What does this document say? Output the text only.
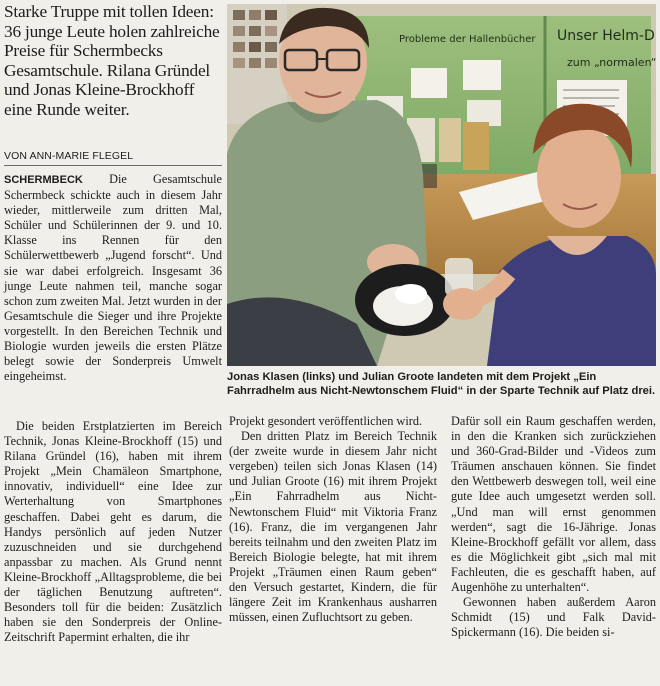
Starke Truppe mit tollen Ideen: 36 junge Leute holen zahlreiche Preise für Schermbecks Gesamtschule. Rilana Gründel und Jonas Kleine-Brockhoff eine Runde weiter.
VON ANN-MARIE FLEGEL

SCHERMBECK Die Gesamtschule Schermbeck schickte auch in diesem Jahr wieder, mittlerweile zum dritten Mal, Schüler und Schülerinnen der 9. und 10. Klasse ins Rennen für den Schülerwettbewerb „Jugend forscht“. Und sie war dabei erfolgreich. Insgesamt 36 junge Leute nahmen teil, manche sogar schon zum zweiten Mal. Jetzt wurden in der Gesamtschule die Sieger und ihre Projekte vorgestellt. In den Bereichen Technik und Biologie wurden jeweils die ersten Plätze belegt sowie der Sonderpreis Umwelt eingeheimst.

Die beiden Erstplatzierten im Bereich Technik, Jonas Kleine-Brockhoff (15) und Rilana Gründel (16), haben mit ihrem Projekt „Mein Chamäleon Smartphone, innovativ, individuell“ eine Idee zur Werterhaltung von Smartphones geschaffen. Dabei geht es darum, die Handys persönlich auf jeden Nutzer zuzuschneiden und sie durchgehend anpassbar zu machen. Als Grund nennt Kleine-Brockhoff „Alltagsprobleme, die bei der täglichen Benutzung auftreten“. Besonders toll für die beiden: Zusätzlich haben sie den Sonderpreis der Online-Zeitschrift Papermint erhalten, die ihr

Projekt gesondert veröffentlichen wird.

Den dritten Platz im Bereich Technik (der zweite wurde in diesem Jahr nicht vergeben) teilen sich Jonas Klasen (14) und Julian Groote (16) mit ihrem Projekt „Ein Fahrradhelm aus Nicht-Newtonschem Fluid“ mit Viktoria Franz (16). Franz, die im vergangenen Jahr bereits teilnahm und den zweiten Platz im Bereich Biologie belegte, hat mit ihrem Projekt „Träumen einen Raum geben“ den Versuch gestartet, Kindern, die für längere Zeit im Krankenhaus ausharren müssen, einen Zufluchtsort zu geben.

Dafür soll ein Raum geschaffen werden, in den die Kranken sich zurückziehen und 360-Grad-Bilder und -Videos zum Träumen anschauen können. Sie findet den Wettbewerb deswegen toll, weil eine gute Idee auch umgesetzt werden soll. „Und man will ernst genommen werden“, sagt die 16-Jährige. Jonas Kleine-Brockhoff gefällt vor allem, dass es die Möglichkeit gibt „sich mal mit Fachleuten, die es geschafft haben, auf Augenhöhe zu unterhalten“.

Gewonnen haben außerdem Aaron Schmidt (15) und Falk David-Spickermann (16). Die beiden si-

Probleme der Hallenbücher Unser Helm-D
zum „normalen“
Jonas Klasen (links) und Julian Groote landeten mit dem Projekt „Ein Fahrradhelm aus Nicht-Newtonschem Fluid“ in der Sparte Technik auf Platz drei.
